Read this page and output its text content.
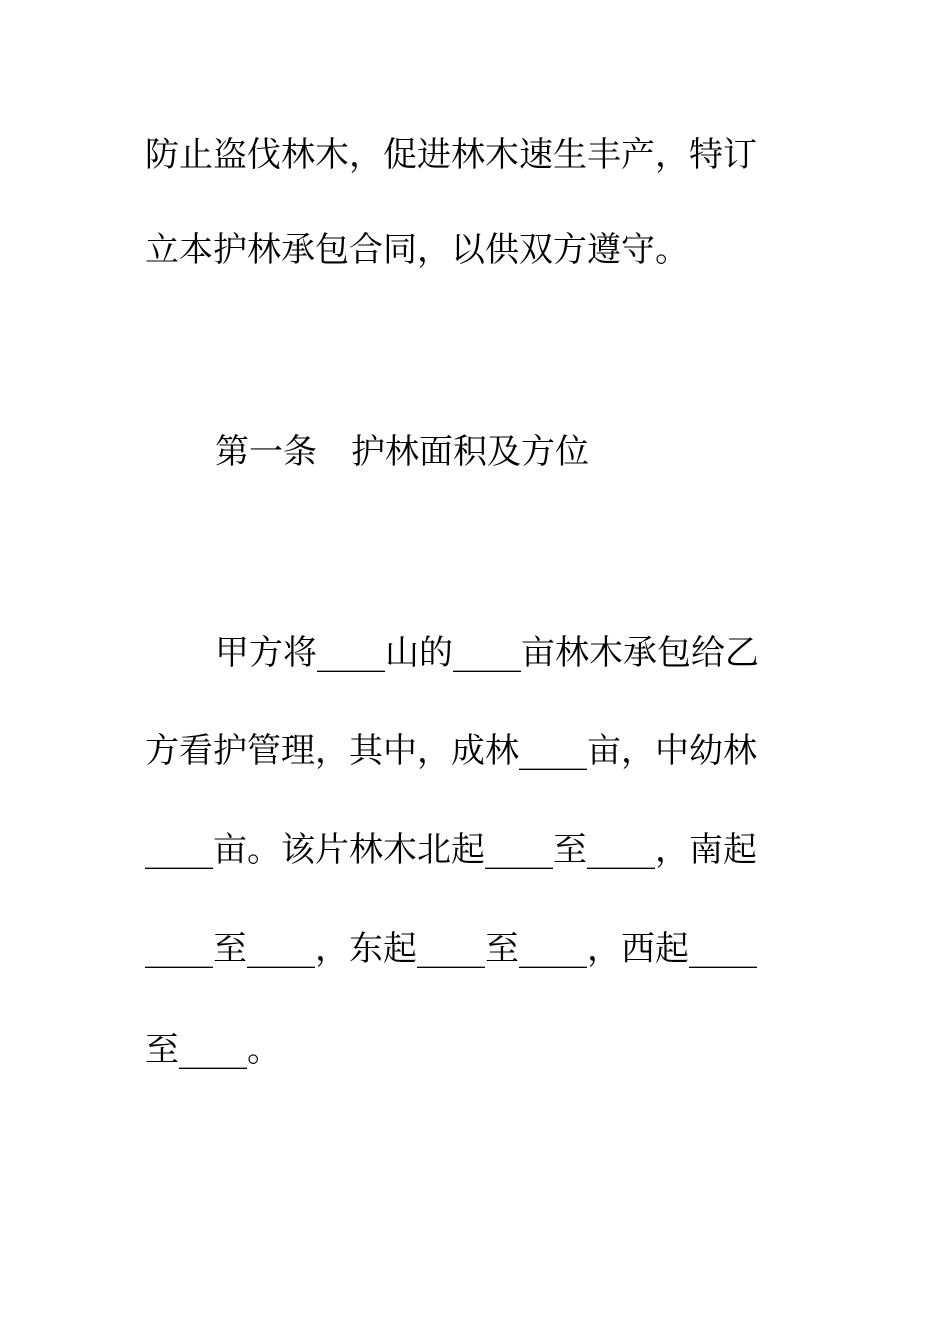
防止盗伐林木，促进林木速生丰产，特订
立本护林承包合同，以供双方遵守。
第一条　护林面积及方位
甲方将____山的____亩林木承包给乙
方看护管理，其中，成林____亩，中幼林
____亩。该片林木北起____至____，南起
____至____，东起____至____，西起____
至____。
